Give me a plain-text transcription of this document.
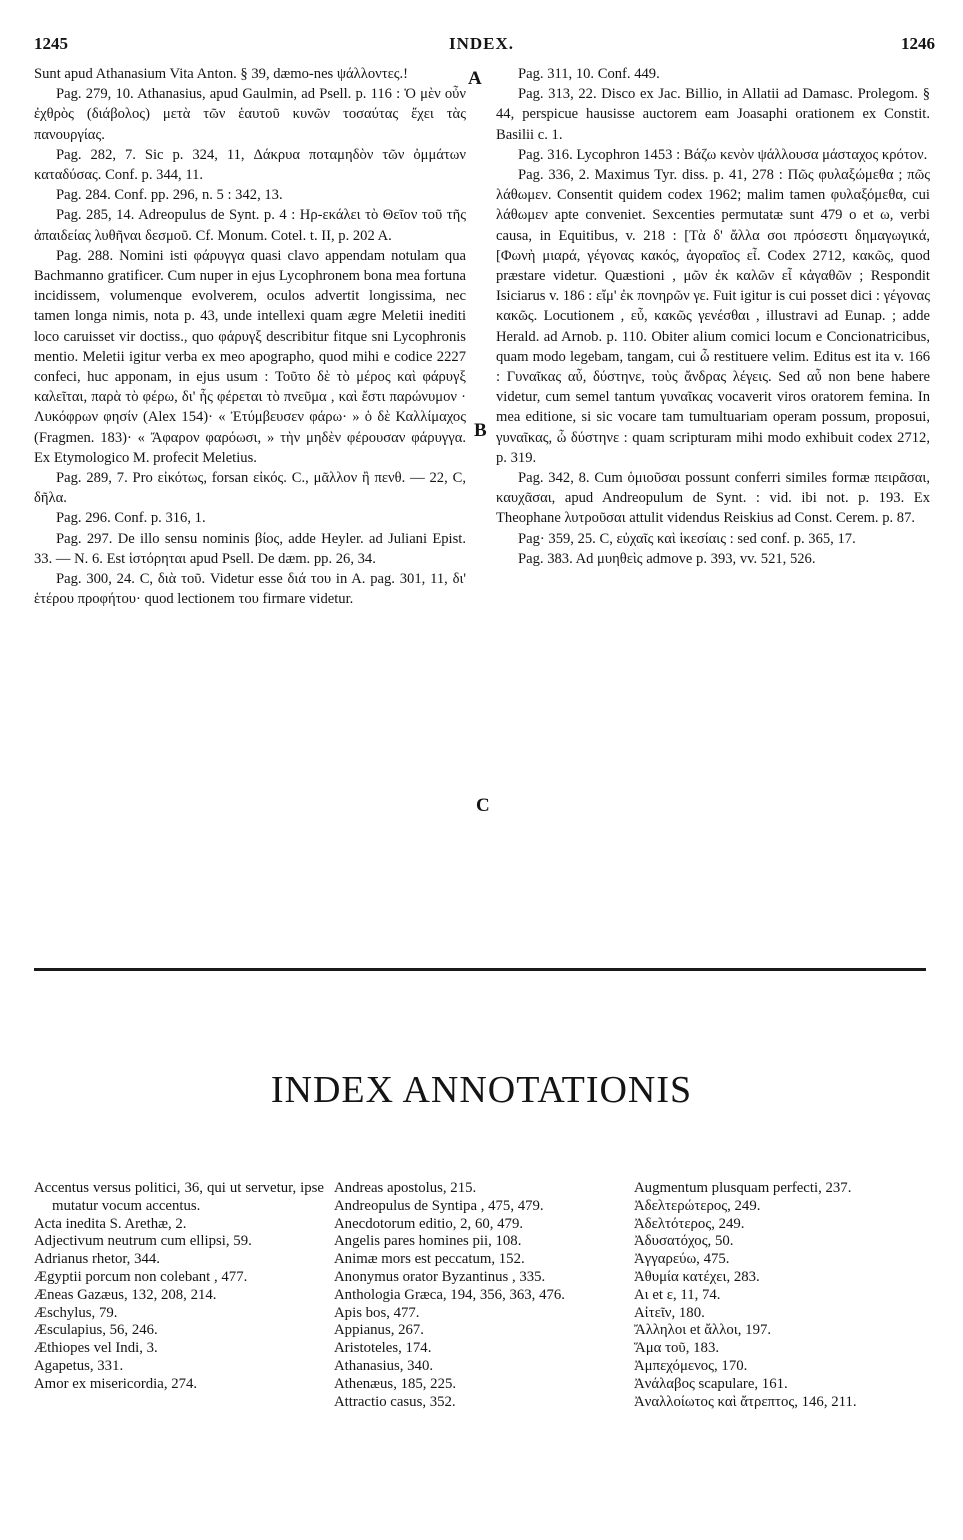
1245	INDEX.	1246
A
B
C

Sunt apud Athanasium Vita Anton. § 39, dæmo-nes ψάλλοντες.!

Pag. 279, 10. Athanasius, apud Gaulmin, ad Psell. p. 116 : Ὁ μὲν οὖν ἐχθρὸς (διάβολος) μετὰ τῶν ἑαυτοῦ κυνῶν τοσαύτας ἔχει τὰς πανουργίας.

Pag. 282, 7. Sic p. 324, 11, Δάκρυα ποταμηδὸν τῶν ὀμμάτων καταδύσας. Conf. p. 344, 11.

Pag. 284. Conf. pp. 296, n. 5 : 342, 13.

Pag. 285, 14. Adreopulus de Synt. p. 4 : Ηρ-εκάλει τὸ Θεῖον τοῦ τῆς ἀπαιδείας λυθῆναι δεσμοῦ. Cf. Monum. Cotel. t. II, p. 202 A.

Pag. 288. Nomini isti φάρυγγα quasi clavo appendam notulam qua Bachmanno gratificer. Cum nuper in ejus Lycophronem bona mea fortuna incidissem, volumenque evolverem, oculos advertit longissima, nec tamen longa nimis, nota p. 43, unde intellexi quam ægre Meletii inediti loco caruisset vir doctiss., quo φάρυγξ describitur fitque sni Lycophronis mentio. Meletii igitur verba ex meo apographo, quod mihi e codice 2227 confeci, huc apponam, in ejus usum : Τοῦτο δὲ τὸ μέρος καὶ φάρυγξ καλεῖται, παρὰ τὸ φέρω, δι' ἧς φέρεται τὸ πνεῦμα , καὶ ἔστι παρώνυμον · Λυκόφρων φησίν (Alex 154)· « Ἐτύμβευσεν φάρω· » ὁ δὲ Καλλίμαχος (Fragmen. 183)· « Ἄφαρον φαρόωσι, » τὴν μηδὲν φέρουσαν φάρυγγα. Ex Etymologico M. profecit Meletius.

Pag. 289, 7. Pro εἰκότως, forsan εἰκός. C., μᾶλλον ἢ πενθ. — 22, C, δῆλα.

Pag. 296. Conf. p. 316, 1.

Pag. 297. De illo sensu nominis βίος, adde Heyler. ad Juliani Epist. 33. — N. 6. Est ἱστόρηται apud Psell. De dæm. pp. 26, 34.

Pag. 300, 24. C, διὰ τοῦ. Videtur esse διά του in A. pag. 301, 11, δι' ἑτέρου προφήτου· quod lectionem του firmare videtur.

Pag. 311, 10. Conf. 449.

Pag. 313, 22. Disco ex Jac. Billio, in Allatii ad Damasc. Prolegom. § 44, perspicue hausisse auctorem eam Joasaphi orationem ex Constit. Basilii c. 1.

Pag. 316. Lycophron 1453 : Βάζω κενὸν ψάλλουσα μάσταχος κρότον.

Pag. 336, 2. Maximus Tyr. diss. p. 41, 278 : Πῶς φυλαξώμεθα ; πῶς λάθωμεν. Consentit quidem codex 1962; malim tamen φυλαξόμεθα, cui λάθωμεν apte conveniet. Sexcenties permutatæ sunt 479 o et ω, verbi causa, in Equitibus, v. 218 : [Τὰ δ' ἄλλα σοι πρόσεστι δημαγωγικά, [Φωνὴ μιαρά, γέγονας κακός, ἀγοραῖος εἶ. Codex 2712, κακῶς, quod præstare videtur. Quæstioni , μῶν ἐκ καλῶν εἶ κἀγαθῶν ; Respondit Isiciarus v. 186 : εἴμ' ἐκ πονηρῶν γε. Fuit igitur is cui posset dici : γέγονας κακῶς. Locutionem , εὖ, κακῶς γενέσθαι , illustravi ad Eunap. ; adde Herald. ad Arnob. p. 110. Obiter alium comici locum e Concionatricibus, quam modo legebam, tangam, cui ὦ restituere velim. Editus est ita v. 166 : Γυναῖκας αὖ, δύστηνε, τοὺς ἄνδρας λέγεις. Sed αὖ non bene habere videtur, cum semel tantum γυναῖκας vocaverit viros oratorem femina. In mea editione, si sic vocare tam tumultuariam operam possum, proposui, γυναῖκας, ὦ δύστηνε : quam scripturam mihi modo exhibuit codex 2712, p. 319.

Pag. 342, 8. Cum ὁμιοῦσαι possunt conferri similes formæ πειρᾶσαι, καυχᾶσαι, apud Andreopulum de Synt. : vid. ibi not. p. 193. Ex Theophane λυτροῦσαι attulit videndus Reiskius ad Const. Cerem. p. 87.

Pag· 359, 25. C, εὐχαῖς καὶ ἱκεσίαις : sed conf. p. 365, 17.

Pag. 383. Ad μυηθεὶς admove p. 393, vv. 521, 526.

INDEX ANNOTATIONIS
Accentus versus politici, 36, qui ut servetur, ipse mutatur vocum accentus.
Acta inedita S. Arethæ, 2.
Adjectivum neutrum cum ellipsi, 59.
Adrianus rhetor, 344.
Ægyptii porcum non colebant , 477.
Æneas Gazæus, 132, 208, 214.
Æschylus, 79.
Æsculapius, 56, 246.
Æthiopes vel Indi, 3.
Agapetus, 331.
Amor ex misericordia, 274.
Andreas apostolus, 215.
Andreopulus de Syntipa , 475, 479.
Anecdotorum editio, 2, 60, 479.
Angelis pares homines pii, 108.
Animæ mors est peccatum, 152.
Anonymus orator Byzantinus , 335.
Anthologia Græca, 194, 356, 363, 476.
Apis bos, 477.
Appianus, 267.
Aristoteles, 174.
Athanasius, 340.
Athenæus, 185, 225.
Attractio casus, 352.
Augmentum plusquam perfecti, 237.
Ἀδελτερώτερος, 249.
Ἀδελτότερος, 249.
Ἀδυσατόχος, 50.
Ἀγγαρεύω, 475.
Ἀθυμία κατέχει, 283.
Αι et ε, 11, 74.
Αἰτεῖν, 180.
Ἄλληλοι et ἄλλοι, 197.
Ἅμα τοῦ, 183.
Ἀμπεχόμενος, 170.
Ἀνάλαβος scapulare, 161.
Ἀναλλοίωτος καὶ ἄτρεπτος, 146, 211.
